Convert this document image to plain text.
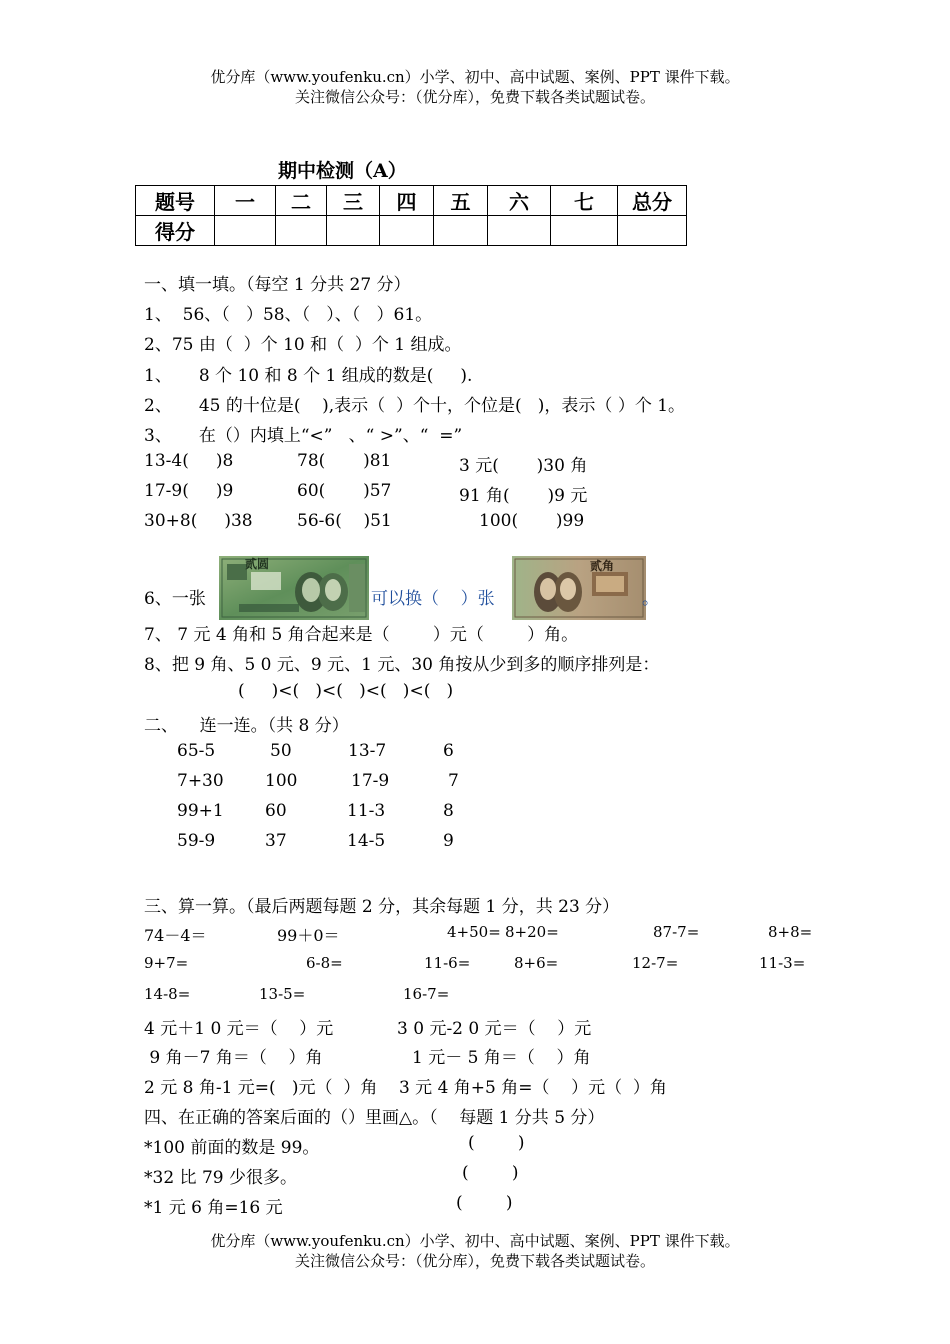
优分库（www.youfenku.cn）小学、初中、高中试题、案例、PPT 课件下载。
关注微信公众号：（优分库），免费下载各类试题试卷。
期中检测（A）
题号	一	二	三	四	五	六	七	总分
得分								
一、填一填。（每空 1 分共 27 分）
1、  56、（   ）58、（   ）、（   ）61。
2、75 由（  ）个 10 和（  ）个 1 组成。
1、     8 个 10 和 8 个 1 组成的数是(     ).
2、     45 的十位是(    ),表示（  ）个十，个位是(   )，表示（ ）个 1。
3、     在（）内填上“<”   、“ >”、“  =”
13-4(     )8	78(       )81	3 元(       )30 角
17-9(     )9	60(       )57	91 角(       )9 元
30+8(     )38	56-6(    )51	100(       )99
6、一张

贰圆

可以换（    ）张

贰角

。
7、 7 元 4 角和 5 角合起来是（        ）元（        ）角。
8、把 9 角、5 0 元、9 元、1 元、30 角按从少到多的顺序排列是：
(     )<(   )<(   )<(   )<(   )
二、    连一连。（共 8 分）
65-5	50	13-7	6
7+30 100	17-9	7
99+1 60	11-3	8
59-9	37	14-5	9
三、算一算。（最后两题每题 2 分，其余每题 1 分，共 23 分）
74－4＝	99＋0＝	4+50= 8+20=	87-7=	8+8=
9+7=	6-8=	11-6=	8+6=	12-7=	11-3=
14-8=	13-5=	16-7=
4 元＋1 0 元＝（    ）元	3 0 元-2 0 元＝（    ）元
9 角－7 角＝（    ）角	1 元－ 5 角＝（    ）角
2 元 8 角-1 元=(   )元（  ）角    3 元 4 角+5 角=（    ）元（  ）角
四、在正确的答案后面的（）里画△。（    每题 1 分共 5 分）
*100 前面的数是 99。	(        )
*32 比 79 少很多。	(        )
*1 元 6 角=16 元	(        )
优分库（www.youfenku.cn）小学、初中、高中试题、案例、PPT 课件下载。
关注微信公众号：（优分库），免费下载各类试题试卷。
